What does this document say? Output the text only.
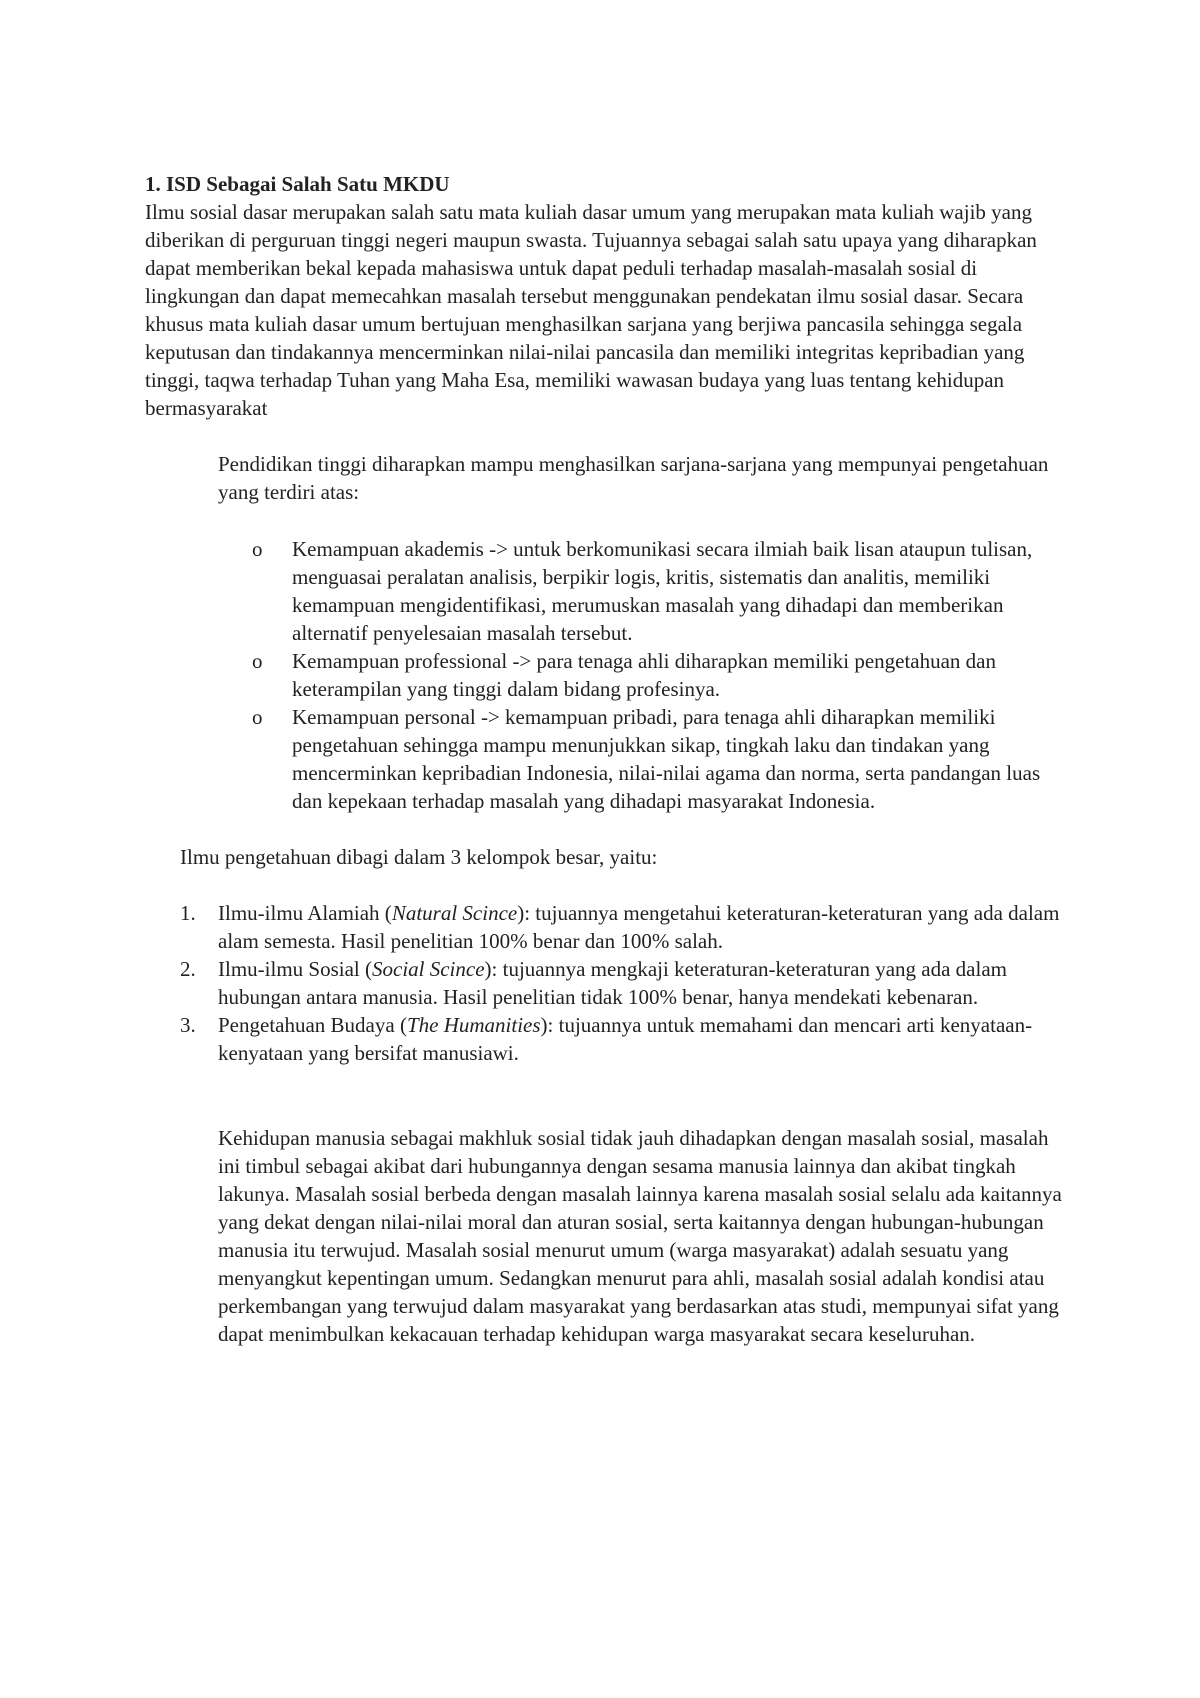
1. ISD Sebagai Salah Satu MKDU

Ilmu sosial dasar merupakan salah satu mata kuliah dasar umum yang merupakan mata kuliah wajib yang diberikan di perguruan tinggi negeri maupun swasta. Tujuannya sebagai salah satu upaya yang diharapkan dapat memberikan bekal kepada mahasiswa untuk dapat peduli terhadap masalah-masalah sosial di lingkungan dan dapat memecahkan masalah tersebut menggunakan pendekatan ilmu sosial dasar. Secara khusus mata kuliah dasar umum bertujuan menghasilkan sarjana yang berjiwa pancasila sehingga segala keputusan dan tindakannya mencerminkan nilai-nilai pancasila dan memiliki integritas kepribadian yang tinggi, taqwa terhadap Tuhan yang Maha Esa, memiliki wawasan budaya yang luas tentang kehidupan bermasyarakat

Pendidikan tinggi diharapkan mampu menghasilkan sarjana-sarjana yang mempunyai pengetahuan yang terdiri atas:

o Kemampuan akademis -> untuk berkomunikasi secara ilmiah baik lisan ataupun tulisan, menguasai peralatan analisis, berpikir logis, kritis, sistematis dan analitis, memiliki kemampuan mengidentifikasi, merumuskan masalah yang dihadapi dan memberikan alternatif penyelesaian masalah tersebut.
o Kemampuan professional -> para tenaga ahli diharapkan memiliki pengetahuan dan keterampilan yang tinggi dalam bidang profesinya.
o Kemampuan personal -> kemampuan pribadi, para tenaga ahli diharapkan memiliki pengetahuan sehingga mampu menunjukkan sikap, tingkah laku dan tindakan yang mencerminkan kepribadian Indonesia, nilai-nilai agama dan norma, serta pandangan luas dan kepekaan terhadap masalah yang dihadapi masyarakat Indonesia.

Ilmu pengetahuan dibagi dalam 3 kelompok besar, yaitu:

1. Ilmu-ilmu Alamiah (Natural Scince): tujuannya mengetahui keteraturan-keteraturan yang ada dalam alam semesta. Hasil penelitian 100% benar dan 100% salah.
2. Ilmu-ilmu Sosial (Social Scince): tujuannya mengkaji keteraturan-keteraturan yang ada dalam hubungan antara manusia. Hasil penelitian tidak 100% benar, hanya mendekati kebenaran.
3. Pengetahuan Budaya (The Humanities): tujuannya untuk memahami dan mencari arti kenyataan-kenyataan yang bersifat manusiawi.

Kehidupan manusia sebagai makhluk sosial tidak jauh dihadapkan dengan masalah sosial, masalah ini timbul sebagai akibat dari hubungannya dengan sesama manusia lainnya dan akibat tingkah lakunya. Masalah sosial berbeda dengan masalah lainnya karena masalah sosial selalu ada kaitannya yang dekat dengan nilai-nilai moral dan aturan sosial, serta kaitannya dengan hubungan-hubungan manusia itu terwujud. Masalah sosial menurut umum (warga masyarakat) adalah sesuatu yang menyangkut kepentingan umum. Sedangkan menurut para ahli, masalah sosial adalah kondisi atau perkembangan yang terwujud dalam masyarakat yang berdasarkan atas studi, mempunyai sifat yang dapat menimbulkan kekacauan terhadap kehidupan warga masyarakat secara keseluruhan.
